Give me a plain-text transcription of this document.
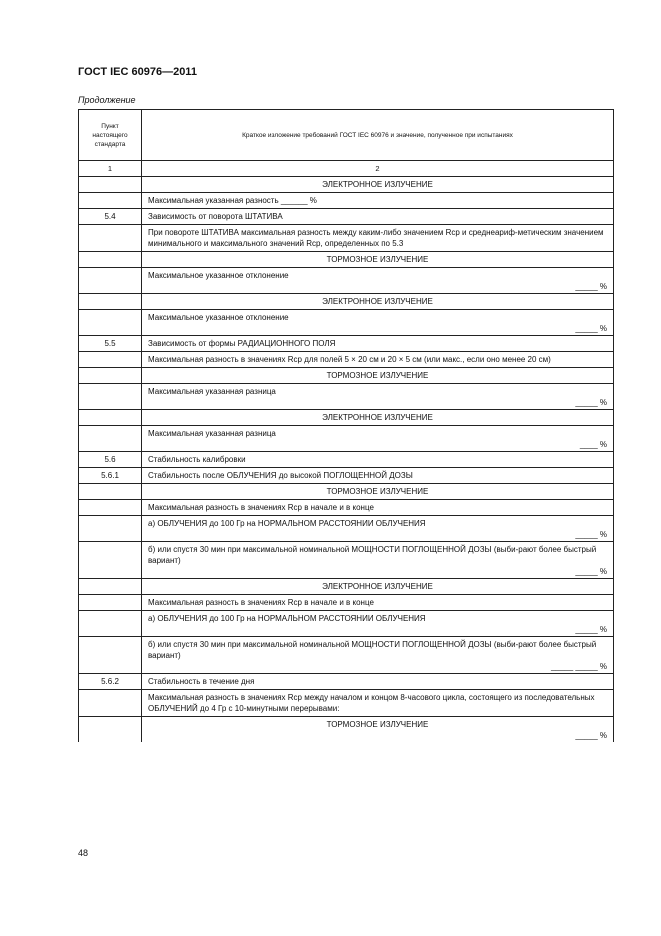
ГОСТ IEC 60976—2011
Продолжение
Пункт настоящего стандарта	Краткое изложение требований ГОСТ IEC 60976 и значение, полученное при испытаниях
1	2
	ЭЛЕКТРОННОЕ ИЗЛУЧЕНИЕ
	Максимальная указанная разность ______ %
5.4	Зависимость от поворота ШТАТИВА
	При повороте ШТАТИВА максимальная разность между каким-либо значением Rср и среднеариф-метическим значением минимального и максимального значений Rср, определенных по 5.3
	ТОРМОЗНОЕ ИЗЛУЧЕНИЕ

	Максимальное указанное отклонение
_____ %

	ЭЛЕКТРОННОЕ ИЗЛУЧЕНИЕ

	Максимальное указанное отклонение
_____ %

5.5	Зависимость от формы РАДИАЦИОННОГО ПОЛЯ
	Максимальная разность в значениях Rср для полей 5 × 20 см и 20 × 5 см (или макс., если оно менее 20 см)
	ТОРМОЗНОЕ ИЗЛУЧЕНИЕ

	Максимальная указанная разница
_____ %

	ЭЛЕКТРОННОЕ ИЗЛУЧЕНИЕ

	Максимальная указанная разница
____ %

5.6	Стабильность калибровки
5.6.1	Стабильность после ОБЛУЧЕНИЯ до высокой ПОГЛОЩЕННОЙ ДОЗЫ
	ТОРМОЗНОЕ ИЗЛУЧЕНИЕ
	Максимальная разность в значениях Rср в начале и в конце

	а) ОБЛУЧЕНИЯ до 100 Гр на НОРМАЛЬНОМ РАССТОЯНИИ ОБЛУЧЕНИЯ
_____ %

	б) или спустя 30 мин при максимальной номинальной МОЩНОСТИ ПОГЛОЩЕННОЙ ДОЗЫ (выби-рают более быстрый вариант)
_____ %

	ЭЛЕКТРОННОЕ ИЗЛУЧЕНИЕ
	Максимальная разность в значениях Rср в начале и в конце

	а) ОБЛУЧЕНИЯ до 100 Гр на НОРМАЛЬНОМ РАССТОЯНИИ ОБЛУЧЕНИЯ
_____ %

	б) или спустя 30 мин при максимальной номинальной МОЩНОСТИ ПОГЛОЩЕННОЙ ДОЗЫ (выби-рают более быстрый вариант)
_____ _____ %

5.6.2	Стабильность в течение дня
	Максимальная разность в значениях Rср между началом и концом 8-часового цикла, состоящего из последовательных ОБЛУЧЕНИЙ до 4 Гр с 10-минутными перерывами:

	ТОРМОЗНОЕ ИЗЛУЧЕНИЕ
_____ %
48
